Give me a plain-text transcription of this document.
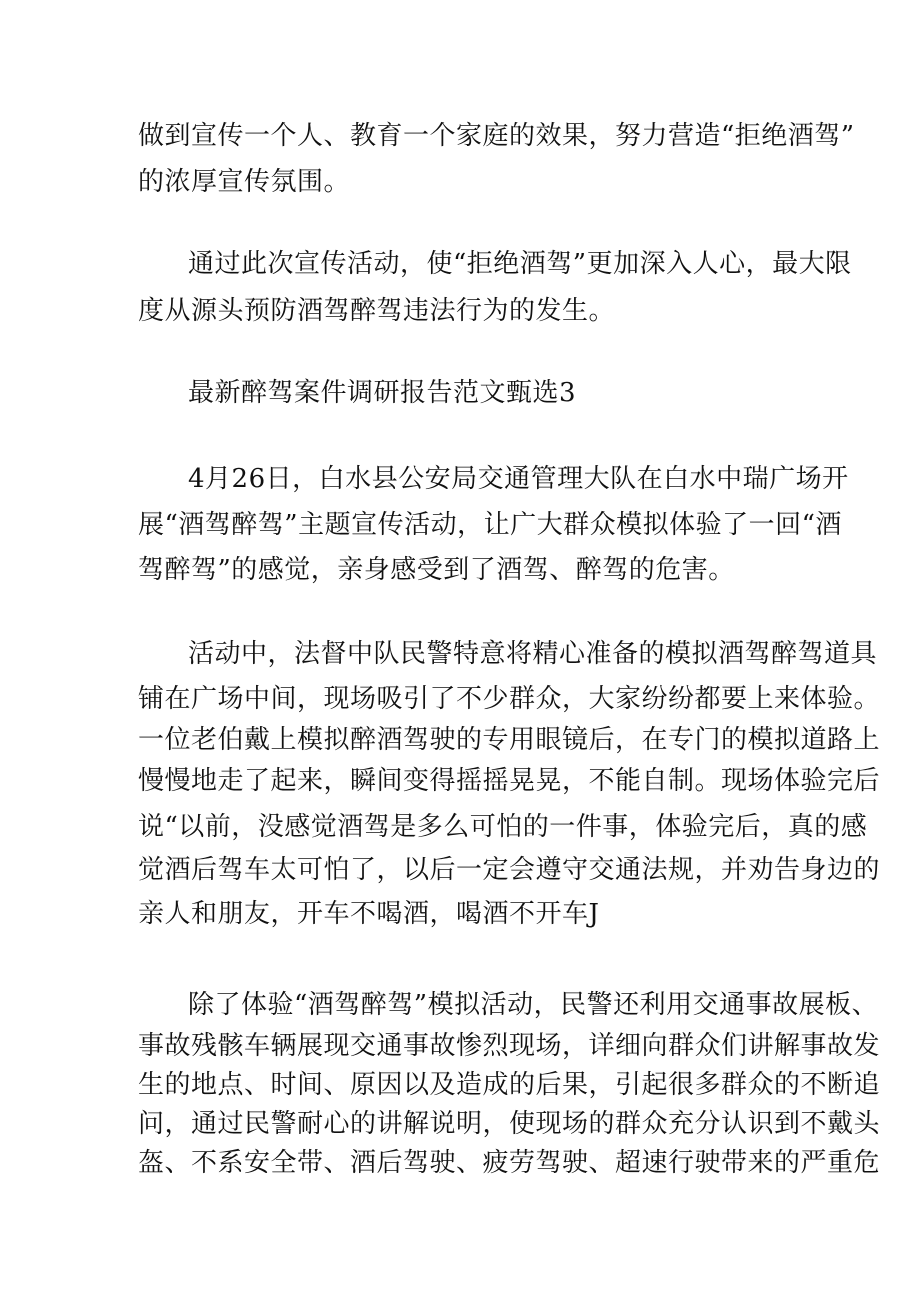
做到宣传一个人、教育一个家庭的效果，努力营造“拒绝酒驾”
的浓厚宣传氛围。
通过此次宣传活动，使“拒绝酒驾”更加深入人心，最大限
度从源头预防酒驾醉驾违法行为的发生。
最新醉驾案件调研报告范文甄选3
4月26日，白水县公安局交通管理大队在白水中瑞广场开
展“酒驾醉驾”主题宣传活动，让广大群众模拟体验了一回“酒
驾醉驾”的感觉，亲身感受到了酒驾、醉驾的危害。
活动中，法督中队民警特意将精心准备的模拟酒驾醉驾道具
铺在广场中间，现场吸引了不少群众，大家纷纷都要上来体验。
一位老伯戴上模拟醉酒驾驶的专用眼镜后，在专门的模拟道路上
慢慢地走了起来，瞬间变得摇摇晃晃，不能自制。现场体验完后
说“以前，没感觉酒驾是多么可怕的一件事，体验完后，真的感
觉酒后驾车太可怕了，以后一定会遵守交通法规，并劝告身边的
亲人和朋友，开车不喝酒，喝酒不开车J
除了体验“酒驾醉驾”模拟活动，民警还利用交通事故展板、
事故残骸车辆展现交通事故惨烈现场，详细向群众们讲解事故发
生的地点、时间、原因以及造成的后果，引起很多群众的不断追
问，通过民警耐心的讲解说明，使现场的群众充分认识到不戴头
盔、不系安全带、酒后驾驶、疲劳驾驶、超速行驶带来的严重危
